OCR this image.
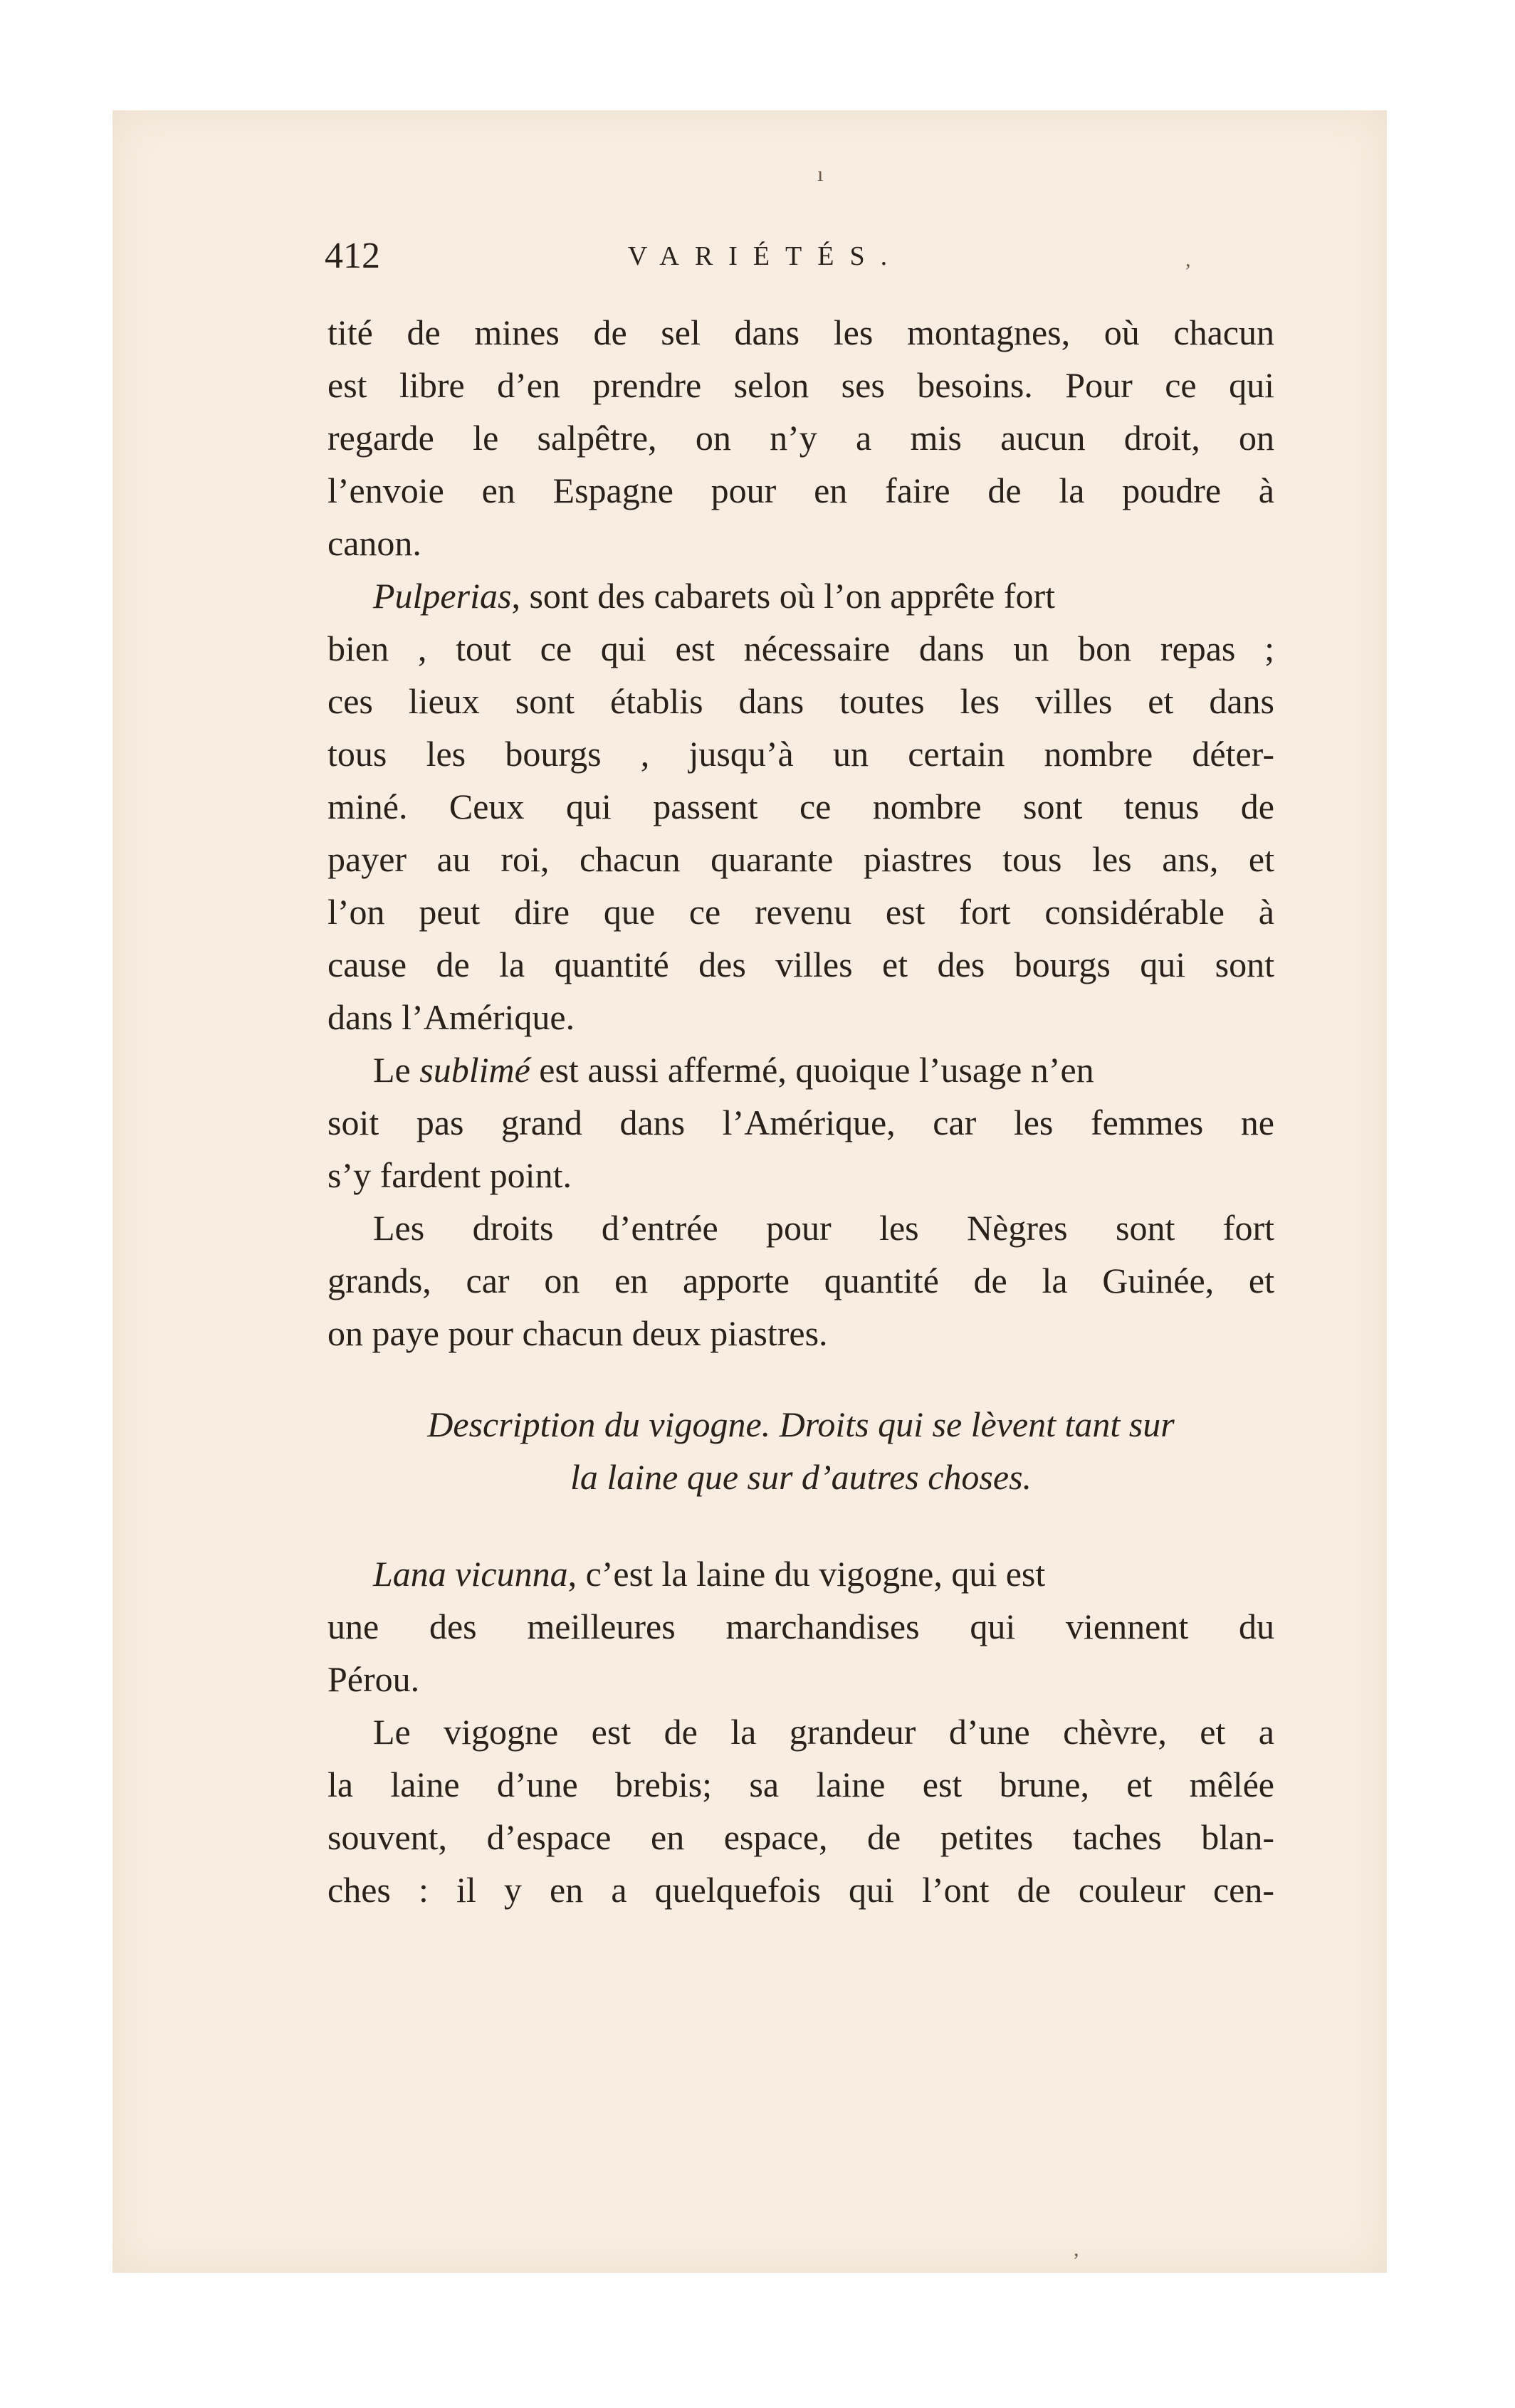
ı
,
,
412	VARIÉTÉS.
tité de mines de sel dans les montagnes, où chacun
est libre d’en prendre selon ses besoins. Pour ce qui
regarde le salpêtre, on n’y a mis aucun droit, on
l’envoie en Espagne pour en faire de la poudre à
canon.
Pulperias, sont des cabarets où l’on apprête fort
bien , tout ce qui est nécessaire dans un bon repas ;
ces lieux sont établis dans toutes les villes et dans
tous les bourgs , jusqu’à un certain nombre déter-
miné. Ceux qui passent ce nombre sont tenus de
payer au roi, chacun quarante piastres tous les ans, et
l’on peut dire que ce revenu est fort considérable à
cause de la quantité des villes et des bourgs qui sont
dans l’Amérique.
Le sublimé est aussi affermé, quoique l’usage n’en
soit pas grand dans l’Amérique, car les femmes ne
s’y fardent point.
Les droits d’entrée pour les Nègres sont fort
grands, car on en apporte quantité de la Guinée, et
on paye pour chacun deux piastres.
Description du vigogne. Droits qui se lèvent tant sur
la laine que sur d’autres choses.
Lana vicunna, c’est la laine du vigogne, qui est
une des meilleures marchandises qui viennent du
Pérou.
Le vigogne est de la grandeur d’une chèvre, et a
la laine d’une brebis; sa laine est brune, et mêlée
souvent, d’espace en espace, de petites taches blan-
ches : il y en a quelquefois qui l’ont de couleur cen-
